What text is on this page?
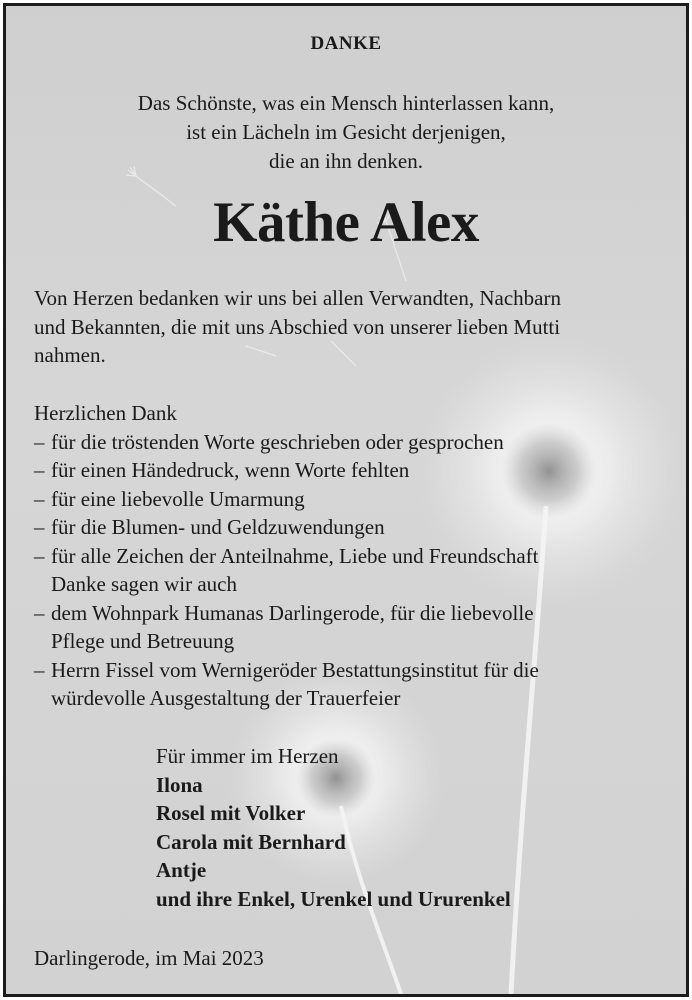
DANKE

Das Schönste, was ein Mensch hinterlassen kann,

ist ein Lächeln im Gesicht derjenigen,

die an ihn denken.

Käthe Alex

Von Herzen bedanken wir uns bei allen Verwandten, Nachbarn
und Bekannten, die mit uns Abschied von unserer lieben Mutti
nahmen.
Herzlichen Dank
– für die tröstenden Worte geschrieben oder gesprochen
– für einen Händedruck, wenn Worte fehlten
– für eine liebevolle Umarmung
– für die Blumen- und Geldzuwendungen
– für alle Zeichen der Anteilnahme, Liebe und Freundschaft
Danke sagen wir auch
– dem Wohnpark Humanas Darlingerode, für die liebevolle
Pflege und Betreuung
– Herrn Fissel vom Wernigeröder Bestattungsinstitut für die
würdevolle Ausgestaltung der Trauerfeier
Für immer im Herzen
Ilona
Rosel mit Volker
Carola mit Bernhard
Antje
und ihre Enkel, Urenkel und Ururenkel

Darlingerode, im Mai 2023
